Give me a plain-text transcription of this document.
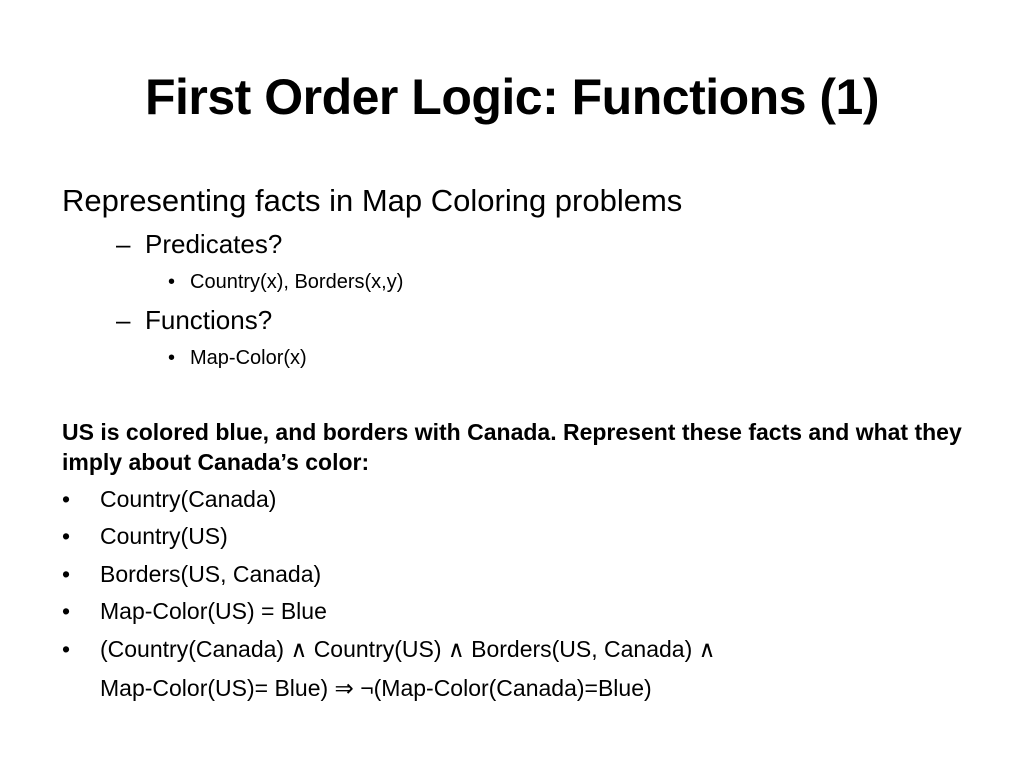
First Order Logic: Functions (1)
Representing facts in Map Coloring problems
– Predicates?
• Country(x), Borders(x,y)
– Functions?
• Map-Color(x)
US is colored blue, and borders with Canada. Represent these facts and what they imply about Canada’s color:
• Country(Canada)
• Country(US)
• Borders(US, Canada)
• Map-Color(US) = Blue
• (Country(Canada) ∧ Country(US) ∧ Borders(US, Canada) ∧
Map-Color(US)= Blue) ⇒ ¬(Map-Color(Canada)=Blue)
